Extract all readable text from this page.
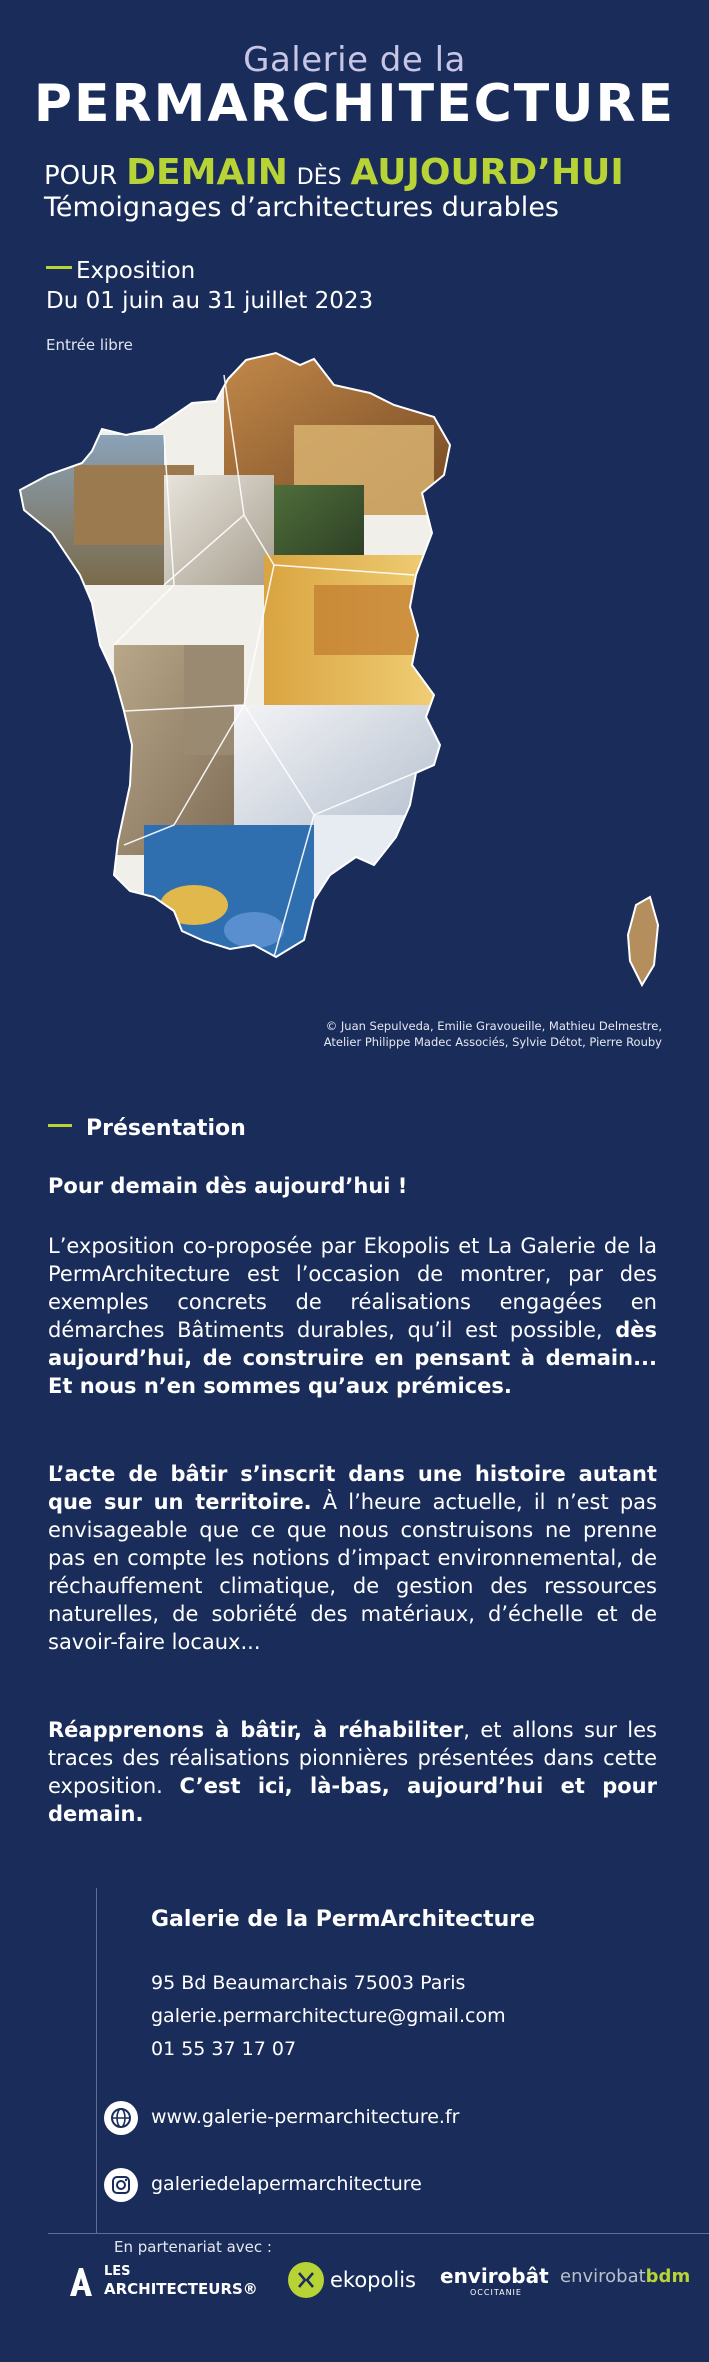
Galerie de la
PERMARCHITECTURE
POUR DEMAIN DÈS AUJOURD’HUI
Témoignages d’architectures durables
Exposition
Du 01 juin au 31 juillet 2023
Entrée libre
© Juan Sepulveda, Emilie Gravoueille, Mathieu Delmestre,
Atelier Philippe Madec Associés, Sylvie Détot, Pierre Rouby
Présentation
Pour demain dès aujourd’hui !
L’exposition co-proposée par Ekopolis et La Galerie de la PermArchitecture est l’occasion de montrer, par des exemples concrets de réalisations engagées en démarches Bâtiments durables, qu’il est possible, dès aujourd’hui, de construire en pensant à demain... Et nous n’en sommes qu’aux prémices.
L’acte de bâtir s’inscrit dans une histoire autant que sur un territoire. À l’heure actuelle, il n’est pas envisageable que ce que nous construisons ne prenne pas en compte les notions d’impact environnemental, de réchauffement climatique, de gestion des ressources naturelles, de sobriété des matériaux, d’échelle et de savoir-faire locaux...
Réapprenons à bâtir, à réhabiliter, et allons sur les traces des réalisations pionnières présentées dans cette exposition. C’est ici, là-bas, aujourd’hui et pour demain.
Galerie de la PermArchitecture
95 Bd Beaumarchais 75003 Paris
galerie.permarchitecture@gmail.com
01 55 37 17 07
www.galerie-permarchitecture.fr
galeriedelapermarchitecture
En partenariat avec :
LES
ARCHITECTEURS®	ekopolis envirobât
OCCITANIE
envirobatbdm
